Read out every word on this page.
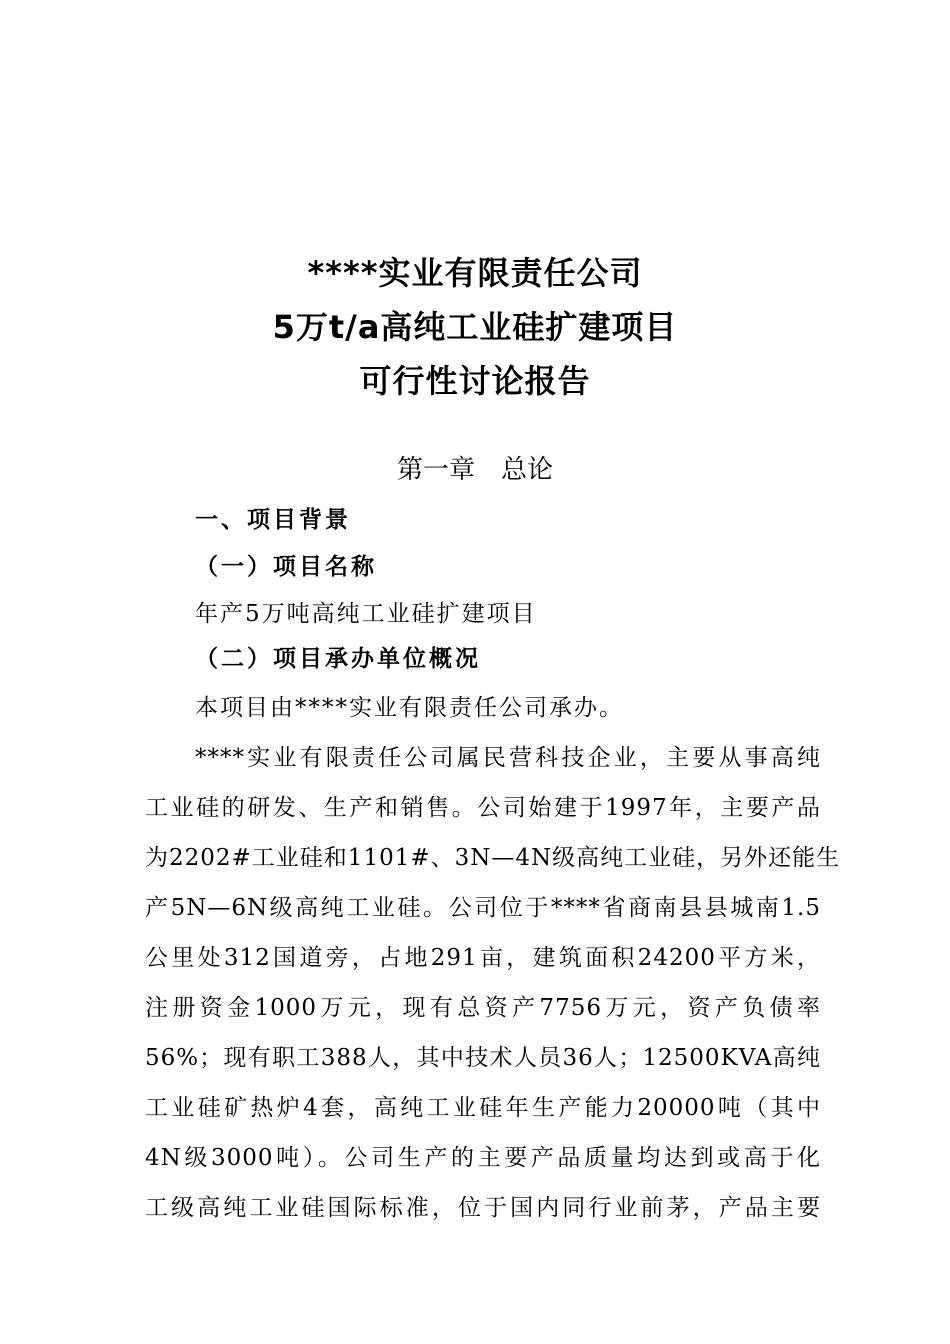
****实业有限责任公司
5万t/a高纯工业硅扩建项目
可行性讨论报告
第一章　总论
一、项目背景
（一）项目名称
年产5万吨高纯工业硅扩建项目
（二）项目承办单位概况
本项目由****实业有限责任公司承办。
****实业有限责任公司属民营科技企业，主要从事高纯
工业硅的研发、生产和销售。公司始建于1997年，主要产品
为2202#工业硅和1101#、3N—4N级高纯工业硅，另外还能生
产5N—6N级高纯工业硅。公司位于****省商南县县城南1.5
公里处312国道旁，占地291亩，建筑面积24200平方米，
注册资金1000万元，现有总资产7756万元，资产负债率
56%；现有职工388人，其中技术人员36人；12500KVA高纯
工业硅矿热炉4套，高纯工业硅年生产能力20000吨（其中
4N级3000吨）。公司生产的主要产品质量均达到或高于化
工级高纯工业硅国际标准，位于国内同行业前茅，产品主要
